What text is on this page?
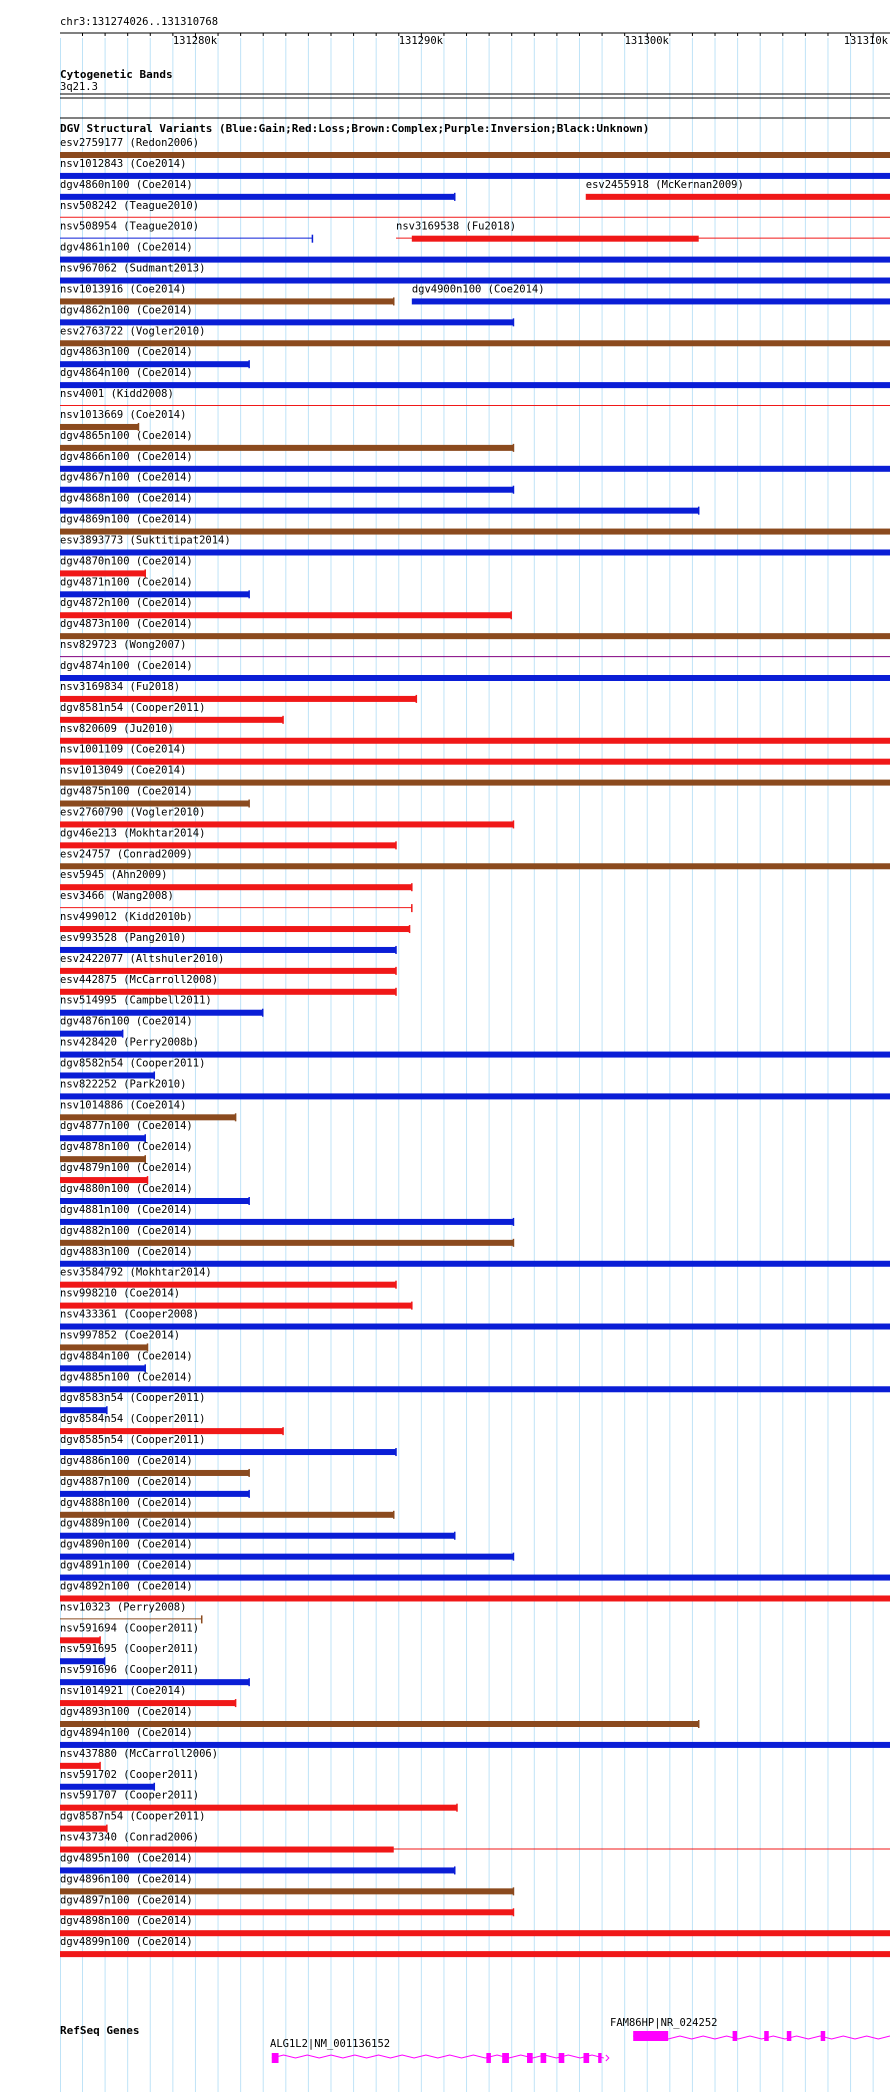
chr3:131274026..131310768
131280k	131290k	131300k	131310k
Cytogenetic Bands
3q21.3
DGV Structural Variants (Blue:Gain;Red:Loss;Brown:Complex;Purple:Inversion;Black:Unknown)
esv2759177 (Redon2006)
nsv1012843 (Coe2014)
dgv4860n100 (Coe2014)	esv2455918 (McKernan2009)
nsv508242 (Teague2010)
nsv508954 (Teague2010)	nsv3169538 (Fu2018)
dgv4861n100 (Coe2014)
nsv967062 (Sudmant2013)
nsv1013916 (Coe2014)	dgv4900n100 (Coe2014)
dgv4862n100 (Coe2014)
esv2763722 (Vogler2010)
dgv4863n100 (Coe2014)
dgv4864n100 (Coe2014)
nsv4001 (Kidd2008)
nsv1013669 (Coe2014)
dgv4865n100 (Coe2014)
dgv4866n100 (Coe2014)
dgv4867n100 (Coe2014)
dgv4868n100 (Coe2014)
dgv4869n100 (Coe2014)
esv3893773 (Suktitipat2014)
dgv4870n100 (Coe2014)
dgv4871n100 (Coe2014)
dgv4872n100 (Coe2014)
dgv4873n100 (Coe2014)
nsv829723 (Wong2007)
dgv4874n100 (Coe2014)
nsv3169834 (Fu2018)
dgv8581n54 (Cooper2011)
nsv820609 (Ju2010)
nsv1001109 (Coe2014)
nsv1013049 (Coe2014)
dgv4875n100 (Coe2014)
esv2760790 (Vogler2010)
dgv46e213 (Mokhtar2014)
esv24757 (Conrad2009)
esv5945 (Ahn2009)
esv3466 (Wang2008)
nsv499012 (Kidd2010b)
esv993528 (Pang2010)
esv2422077 (Altshuler2010)
esv442875 (McCarroll2008)
nsv514995 (Campbell2011)
dgv4876n100 (Coe2014)
nsv428420 (Perry2008b)
dgv8582n54 (Cooper2011)
nsv822252 (Park2010)
nsv1014886 (Coe2014)
dgv4877n100 (Coe2014)
dgv4878n100 (Coe2014)
dgv4879n100 (Coe2014)
dgv4880n100 (Coe2014)
dgv4881n100 (Coe2014)
dgv4882n100 (Coe2014)
dgv4883n100 (Coe2014)
esv3584792 (Mokhtar2014)
nsv998210 (Coe2014)
nsv433361 (Cooper2008)
nsv997852 (Coe2014)
dgv4884n100 (Coe2014)
dgv4885n100 (Coe2014)
dgv8583n54 (Cooper2011)
dgv8584n54 (Cooper2011)
dgv8585n54 (Cooper2011)
dgv4886n100 (Coe2014)
dgv4887n100 (Coe2014)
dgv4888n100 (Coe2014)
dgv4889n100 (Coe2014)
dgv4890n100 (Coe2014)
dgv4891n100 (Coe2014)
dgv4892n100 (Coe2014)
nsv10323 (Perry2008)
nsv591694 (Cooper2011)
nsv591695 (Cooper2011)
nsv591696 (Cooper2011)
nsv1014921 (Coe2014)
dgv4893n100 (Coe2014)
dgv4894n100 (Coe2014)
nsv437880 (McCarroll2006)
nsv591702 (Cooper2011)
nsv591707 (Cooper2011)
dgv8587n54 (Cooper2011)
nsv437340 (Conrad2006)
dgv4895n100 (Coe2014)
dgv4896n100 (Coe2014)
dgv4897n100 (Coe2014)
dgv4898n100 (Coe2014)
dgv4899n100 (Coe2014)
RefSeq Genes
ALG1L2|NM_001136152
FAM86HP|NR_024252
